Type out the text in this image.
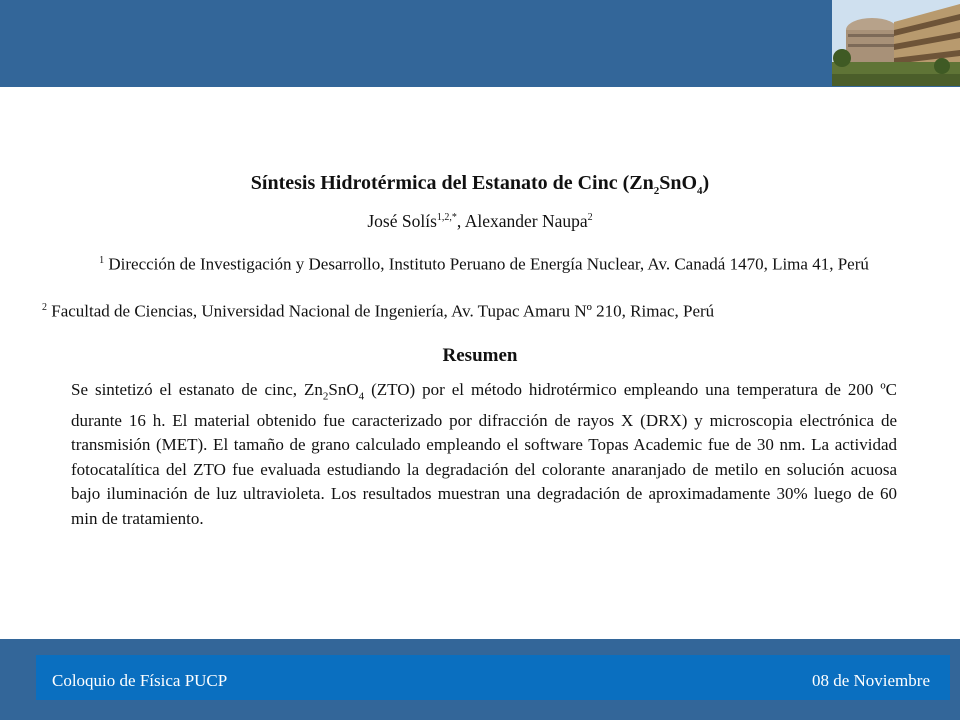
Síntesis Hidrotérmica del Estanato de Cinc $(Zn_2SnO_4)$
José Solís$^{1,2,*}$, Alexander Naupa$^2$
$^1$ Dirección de Investigación y Desarrollo, Instituto Peruano de Energía Nuclear, Av. Canadá 1470, Lima 41, Perú
$^2$ Facultad de Ciencias, Universidad Nacional de Ingeniería, Av. Tupac Amaru Nº 210, Rimac, Perú
Resumen
Se sintetizó el estanato de cinc, $Zn_2SnO_4$ (ZTO) por el método hidrotérmico empleando una temperatura de 200 ºC durante 16 h. El material obtenido fue caracterizado por difracción de rayos X (DRX) y microscopia electrónica de transmisión (MET). El tamaño de grano calculado empleando el software Topas Academic fue de 30 nm. La actividad fotocatalítica del ZTO fue evaluada estudiando la degradación del colorante anaranjado de metilo en solución acuosa bajo iluminación de luz ultravioleta. Los resultados muestran una degradación de aproximadamente 30% luego de 60 min de tratamiento.
Coloquio de Física PUCP	08 de Noviembre
